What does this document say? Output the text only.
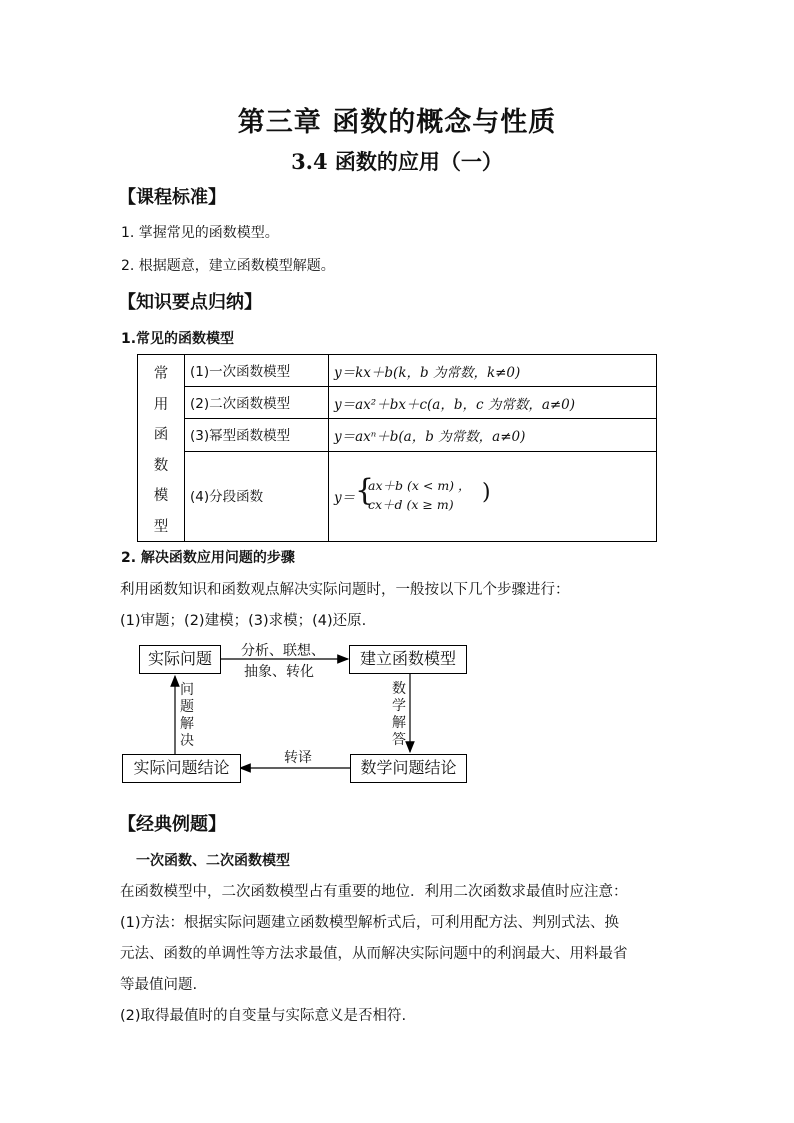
第三章 函数的概念与性质
3.4 函数的应用（一）
【课程标准】
1. 掌握常见的函数模型。
2. 根据题意，建立函数模型解题。
【知识要点归纳】
1.常见的函数模型
常
用
函
数
模
型
(1)一次函数模型	y＝kx＋b(k，b 为常数，k≠0)
(2)二次函数模型	y＝ax²＋bx＋c(a，b，c 为常数，a≠0)
(3)幂型函数模型	y＝axⁿ＋b(a，b 为常数，a≠0)
(4)分段函数	y＝ {
ax＋b (x < m) ，
cx＋d (x ≥ m) )
2. 解决函数应用问题的步骤
利用函数知识和函数观点解决实际问题时，一般按以下几个步骤进行：
(1)审题；(2)建模；(3)求模；(4)还原.
实际问题	建立函数模型
实际问题结论	数学问题结论
分析、联想、
抽象、转化
数
学
解
答
转译
问
题
解
决
【经典例题】
一次函数、二次函数模型
在函数模型中，二次函数模型占有重要的地位．利用二次函数求最值时应注意：
(1)方法：根据实际问题建立函数模型解析式后，可利用配方法、判别式法、换
元法、函数的单调性等方法求最值，从而解决实际问题中的利润最大、用料最省
等最值问题.
(2)取得最值时的自变量与实际意义是否相符.
